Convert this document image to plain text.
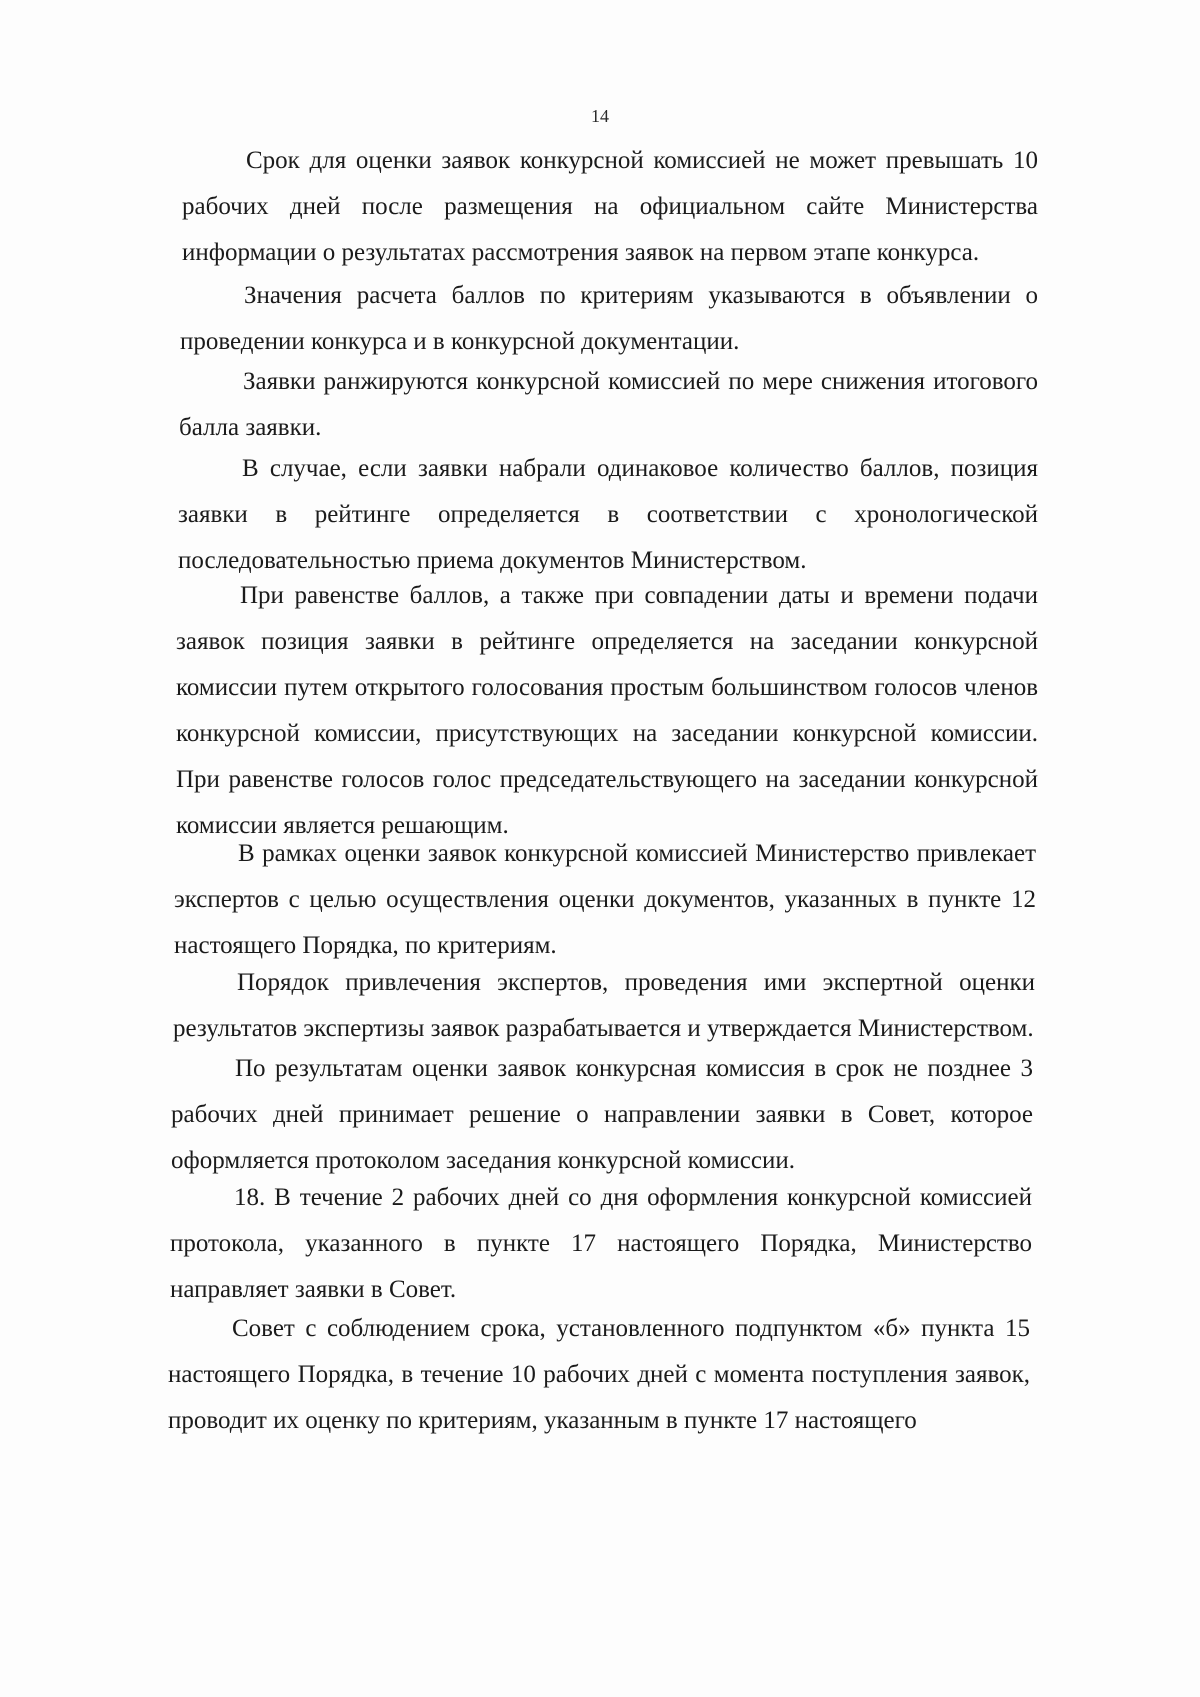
14

Срок для оценки заявок конкурсной комиссией не может превышать 10 рабочих дней после размещения на официальном сайте Министерства информации о результатах рассмотрения заявок на первом этапе конкурса.

Значения расчета баллов по критериям указываются в объявлении о проведении конкурса и в конкурсной документации.

Заявки ранжируются конкурсной комиссией по мере снижения итогового балла заявки.

В случае, если заявки набрали одинаковое количество баллов, позиция заявки в рейтинге определяется в соответствии с хронологической последовательностью приема документов Министерством.

При равенстве баллов, а также при совпадении даты и времени подачи заявок позиция заявки в рейтинге определяется на заседании конкурсной комиссии путем открытого голосования простым большинством голосов членов конкурсной комиссии, присутствующих на заседании конкурсной комиссии. При равенстве голосов голос председательствующего на заседании конкурсной комиссии является решающим.

В рамках оценки заявок конкурсной комиссией Министерство привлекает экспертов с целью осуществления оценки документов, указанных в пункте 12 настоящего Порядка, по критериям.

Порядок привлечения экспертов, проведения ими экспертной оценки результатов экспертизы заявок разрабатывается и утверждается Министерством.

По результатам оценки заявок конкурсная комиссия в срок не позднее 3 рабочих дней принимает решение о направлении заявки в Совет, которое оформляется протоколом заседания конкурсной комиссии.

18. В течение 2 рабочих дней со дня оформления конкурсной комиссией протокола, указанного в пункте 17 настоящего Порядка, Министерство направляет заявки в Совет.

Совет с соблюдением срока, установленного подпунктом «б» пункта 15 настоящего Порядка, в течение 10 рабочих дней с момента поступления заявок, проводит их оценку по критериям, указанным в пункте 17 настоящего
